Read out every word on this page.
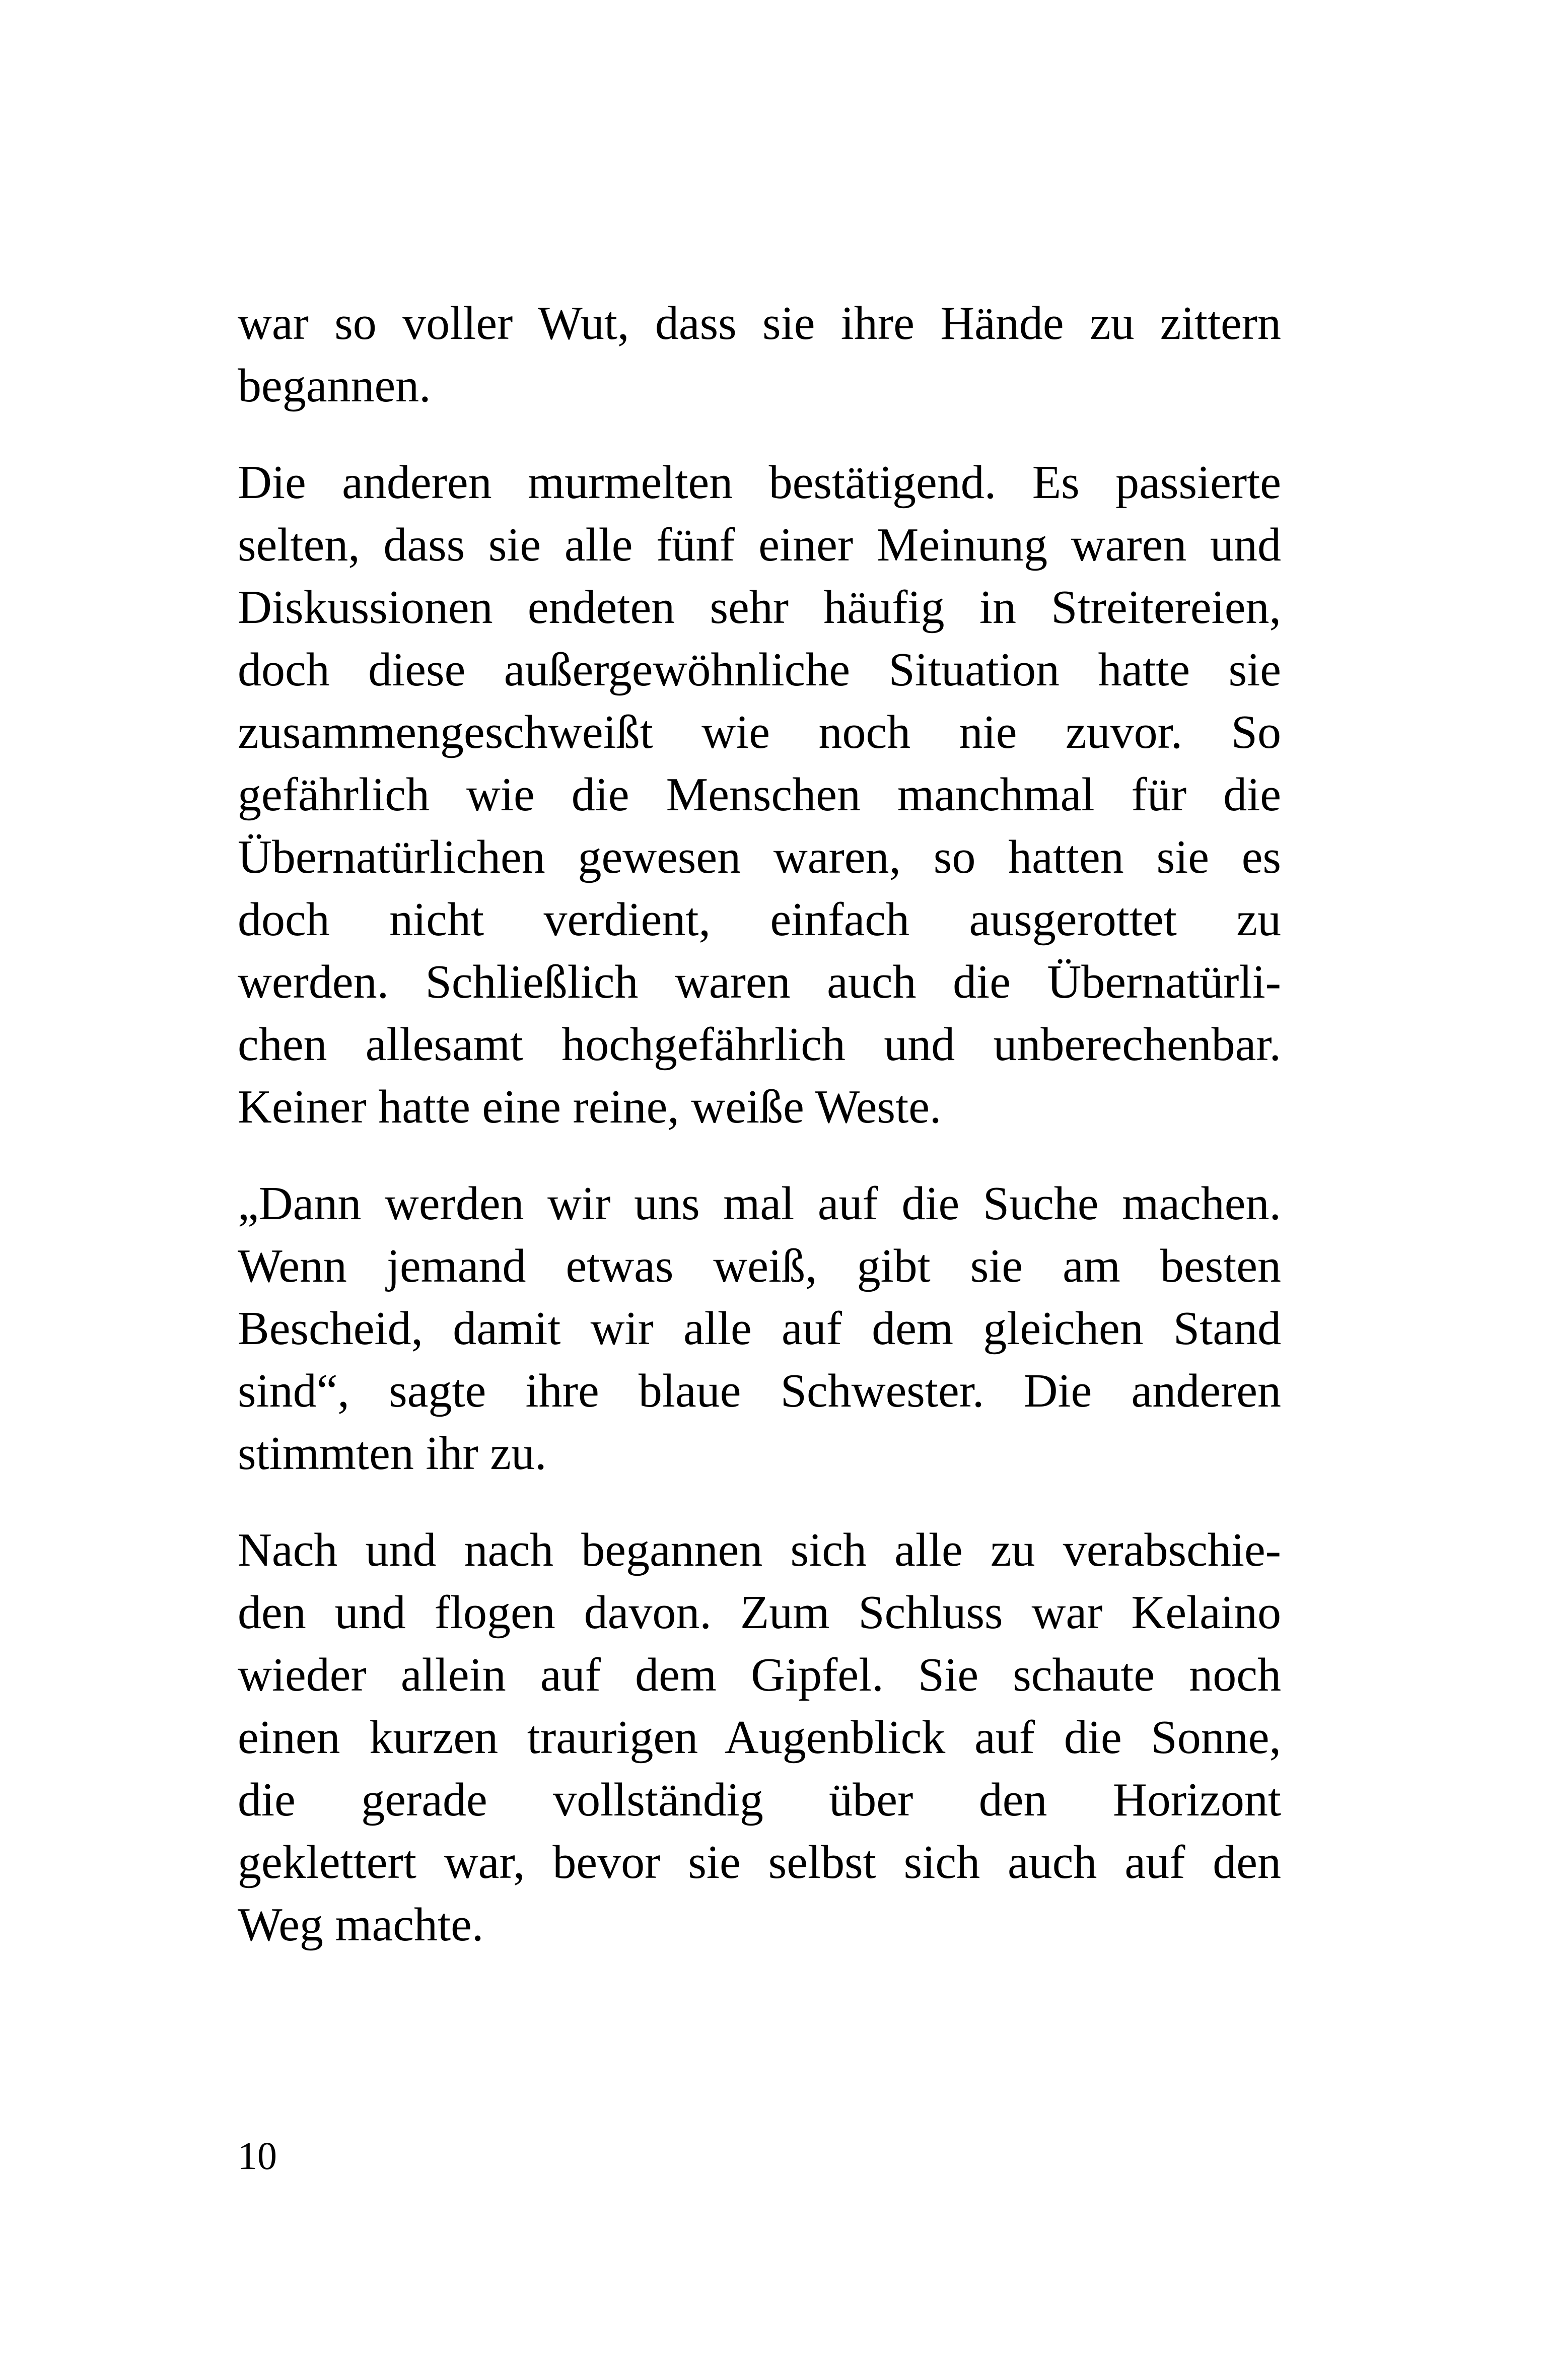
war so voller Wut, dass sie ihre Hände zu zittern
begannen.
Die anderen murmelten bestätigend. Es passierte
selten, dass sie alle fünf einer Meinung waren und
Diskussionen endeten sehr häufig in Streitereien,
doch diese außergewöhnliche Situation hatte sie
zusammengeschweißt wie noch nie zuvor. So
gefährlich wie die Menschen manchmal für die
Übernatürlichen gewesen waren, so hatten sie es
doch nicht verdient, einfach ausgerottet zu
werden. Schließlich waren auch die Übernatürli-
chen allesamt hochgefährlich und unberechenbar.
Keiner hatte eine reine, weiße Weste.
„Dann werden wir uns mal auf die Suche machen.
Wenn jemand etwas weiß, gibt sie am besten
Bescheid, damit wir alle auf dem gleichen Stand
sind“, sagte ihre blaue Schwester. Die anderen
stimmten ihr zu.
Nach und nach begannen sich alle zu verabschie-
den und flogen davon. Zum Schluss war Kelaino
wieder allein auf dem Gipfel. Sie schaute noch
einen kurzen traurigen Augenblick auf die Sonne,
die gerade vollständig über den Horizont
geklettert war, bevor sie selbst sich auch auf den
Weg machte.
10
